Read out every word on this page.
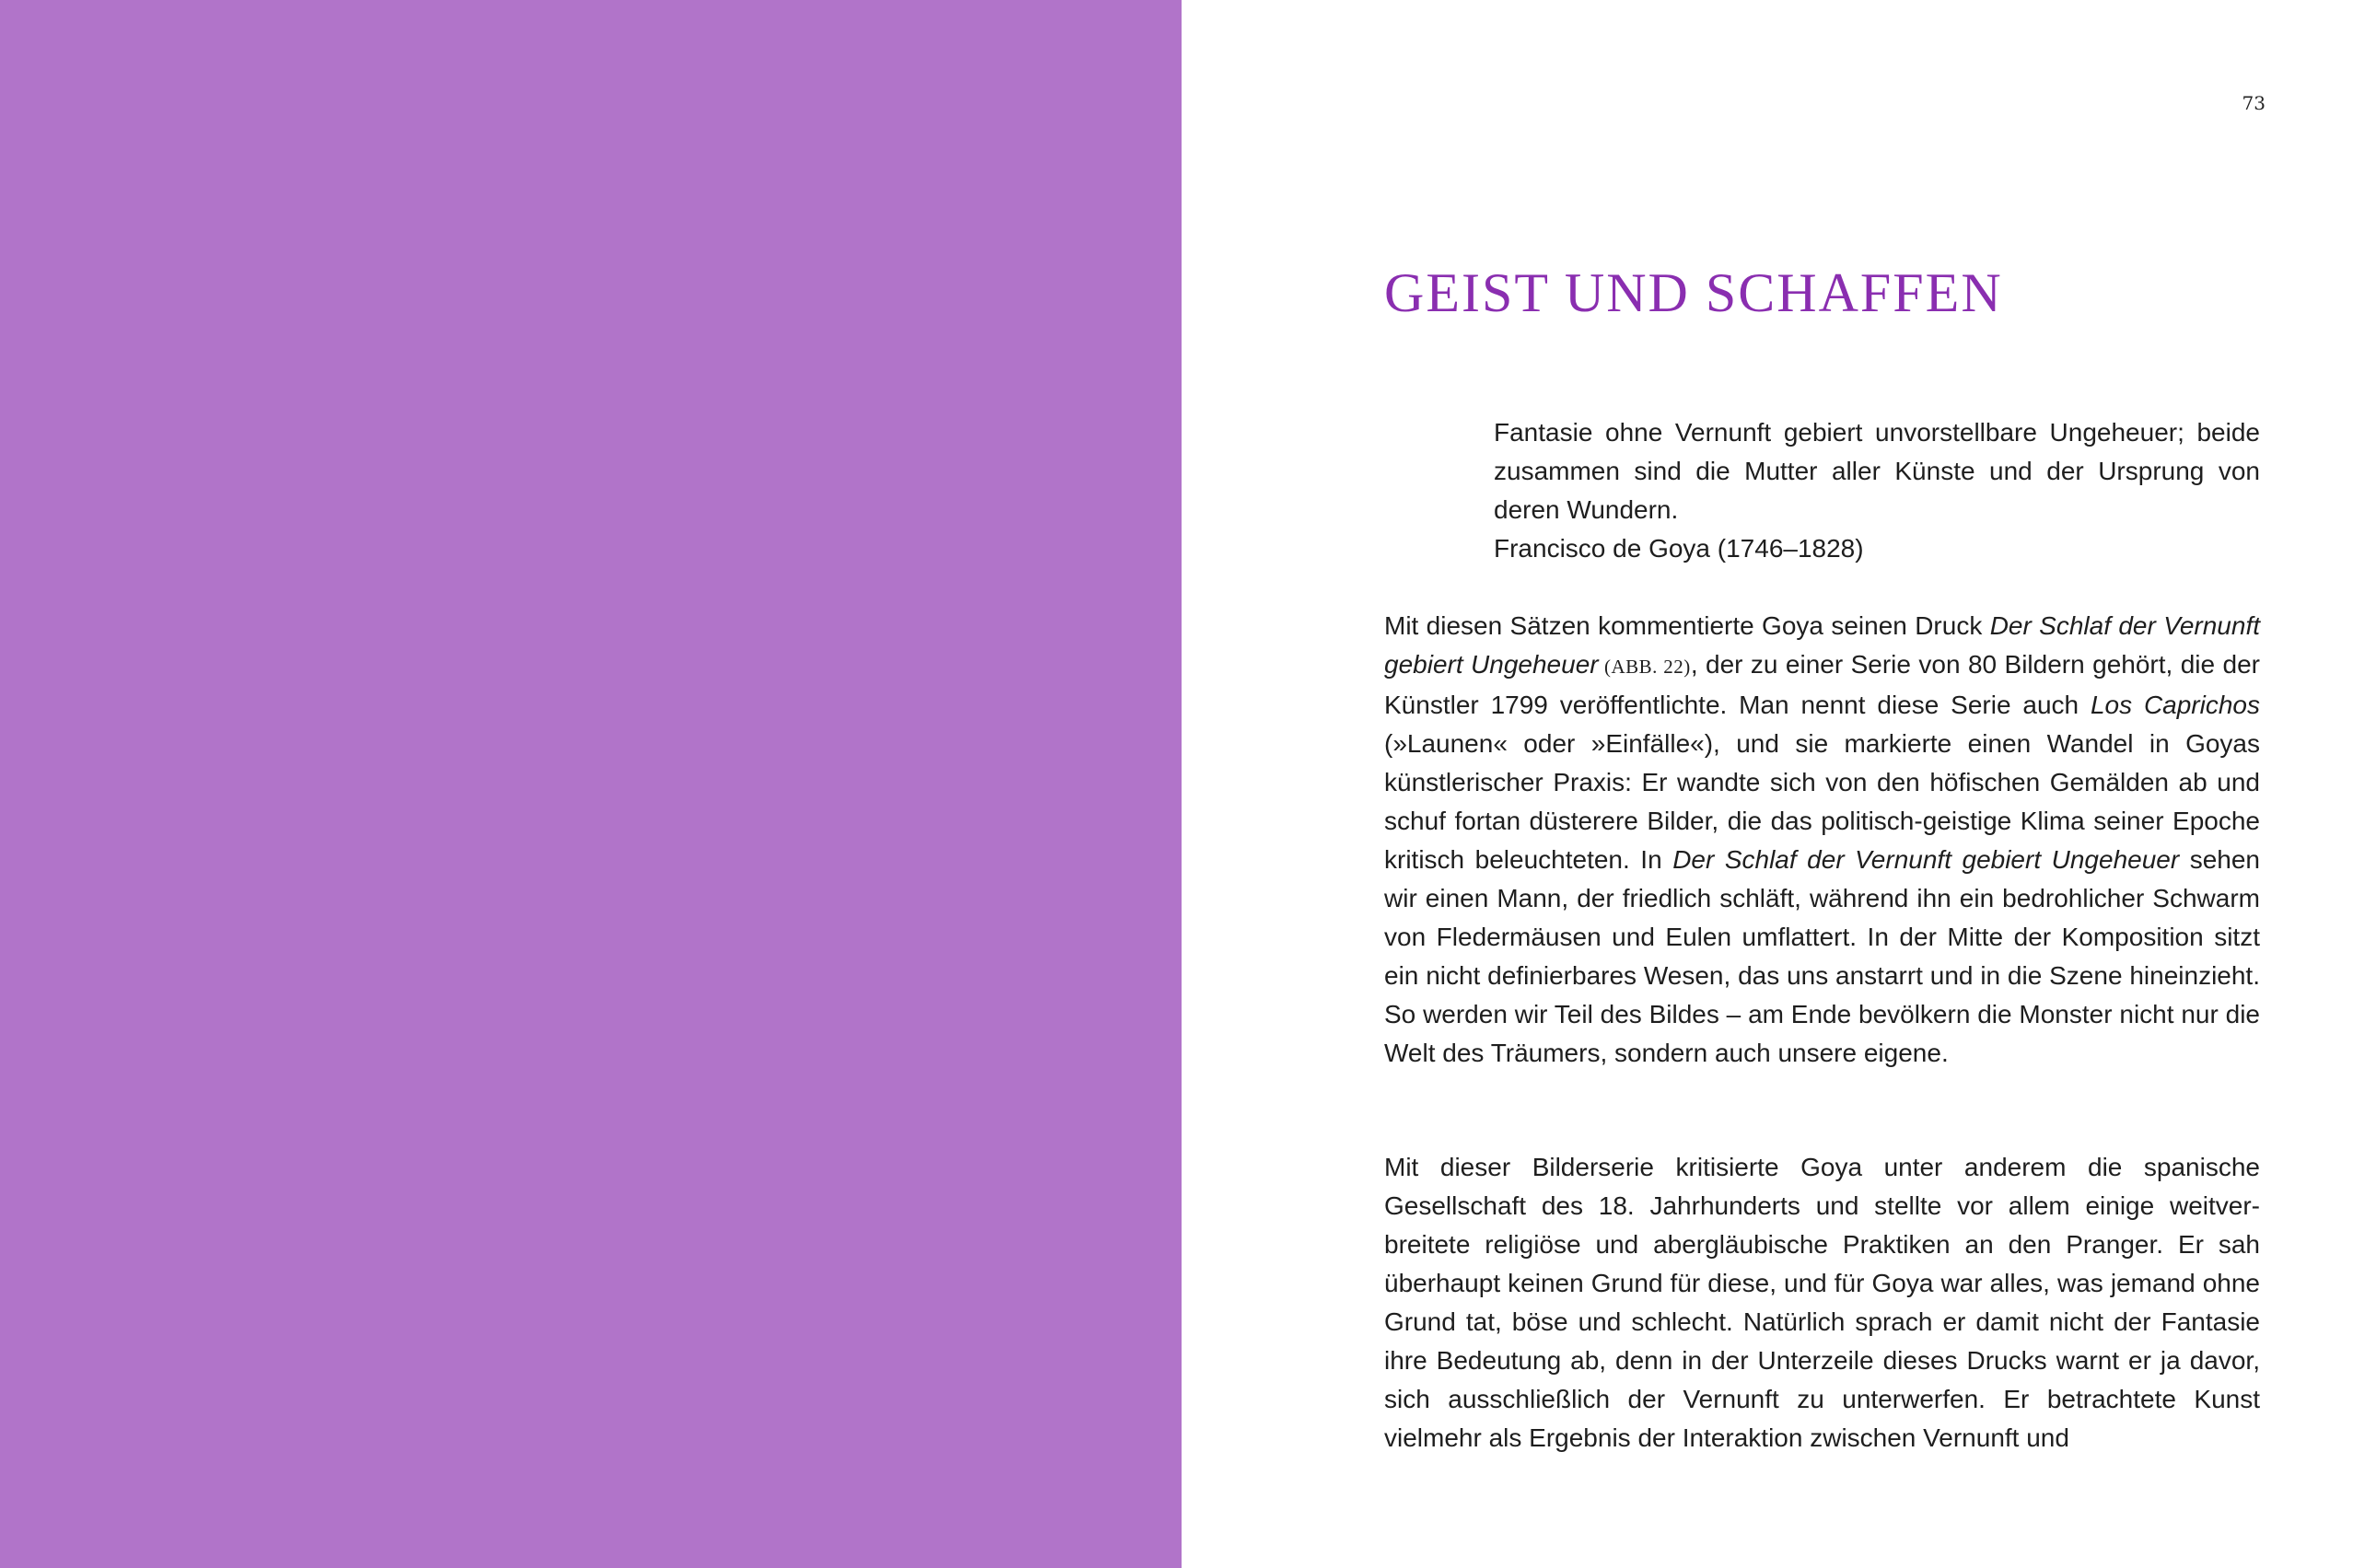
73
GEIST UND SCHAFFEN

Fantasie ohne Vernunft gebiert unvorstellbare Ungeheuer; beide zusammen sind die Mutter aller Künste und der Ursprung von deren Wundern.

Francisco de Goya (1746–1828)

Mit diesen Sätzen kommentierte Goya seinen Druck Der Schlaf der Vernunft gebiert Ungeheuer (ABB. 22), der zu einer Serie von 80 Bildern gehört, die der Künstler 1799 veröffentlichte. Man nennt diese Serie auch Los Caprichos (»Launen« oder »Einfälle«), und sie markierte einen Wandel in Goyas künstlerischer Praxis: Er wandte sich von den höfischen Gemälden ab und schuf fortan düsterere Bilder, die das politisch-geistige Klima seiner Epoche kritisch beleuchteten. In Der Schlaf der Vernunft gebiert Ungeheuer sehen wir einen Mann, der friedlich schläft, während ihn ein bedrohlicher Schwarm von Fledermäusen und Eulen umflattert. In der Mitte der Komposition sitzt ein nicht definierbares Wesen, das uns anstarrt und in die Szene hineinzieht. So werden wir Teil des Bildes – am Ende bevölkern die Monster nicht nur die Welt des Träumers, sondern auch unsere eigene.

Mit dieser Bilderserie kritisierte Goya unter anderem die spanische Gesellschaft des 18. Jahrhunderts und stellte vor allem einige weitverbreitete religiöse und abergläubische Praktiken an den Pranger. Er sah überhaupt keinen Grund für diese, und für Goya war alles, was jemand ohne Grund tat, böse und schlecht. Natürlich sprach er damit nicht der Fantasie ihre Bedeutung ab, denn in der Unterzeile dieses Drucks warnt er ja davor, sich ausschließlich der Vernunft zu unterwerfen. Er betrachtete Kunst vielmehr als Ergebnis der Interaktion zwischen Vernunft und
